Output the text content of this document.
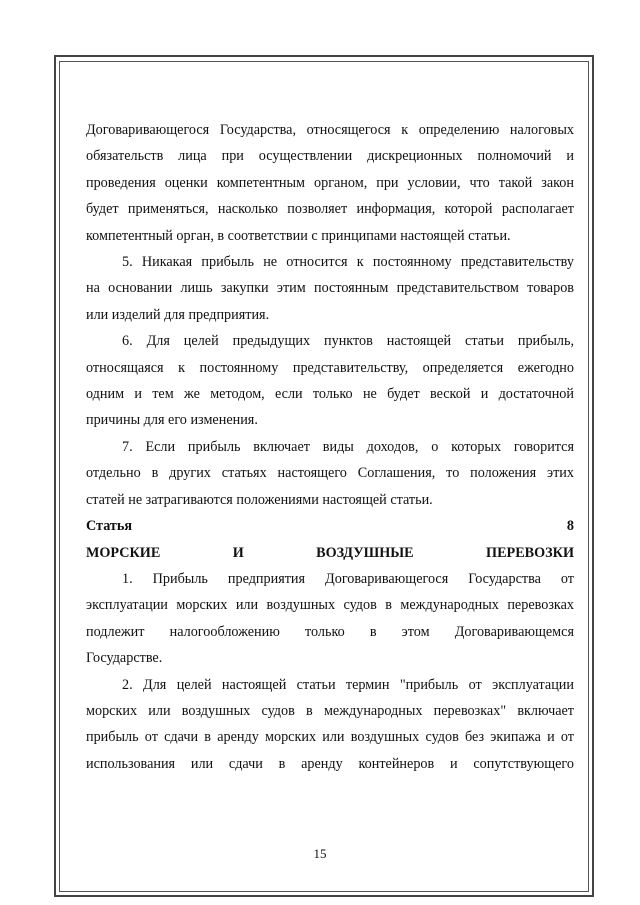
Договаривающегося Государства, относящегося к определению налоговых

обязательств лица при осуществлении дискреционных полномочий и

проведения оценки компетентным органом, при условии, что такой закон

будет применяться, насколько позволяет информация, которой располагает

компетентный орган, в соответствии с принципами настоящей статьи.

5. Никакая прибыль не относится к постоянному представительству

на основании лишь закупки этим постоянным представительством товаров

или изделий для предприятия.

6. Для целей предыдущих пунктов настоящей статьи прибыль,

относящаяся к постоянному представительству, определяется ежегодно

одним и тем же методом, если только не будет веской и достаточной

причины для его изменения.

7. Если прибыль включает виды доходов, о которых говорится

отдельно в других статьях настоящего Соглашения, то положения этих

статей не затрагиваются положениями настоящей статьи.

Статья 8

МОРСКИЕ И ВОЗДУШНЫЕ ПЕРЕВОЗКИ

1. Прибыль предприятия Договаривающегося Государства от

эксплуатации морских или воздушных судов в международных перевозках

подлежит налогообложению только в этом Договаривающемся

Государстве.

2. Для целей настоящей статьи термин "прибыль от эксплуатации

морских или воздушных судов в международных перевозках" включает

прибыль от сдачи в аренду морских или воздушных судов без экипажа и от

использования или сдачи в аренду контейнеров и сопутствующего

15
